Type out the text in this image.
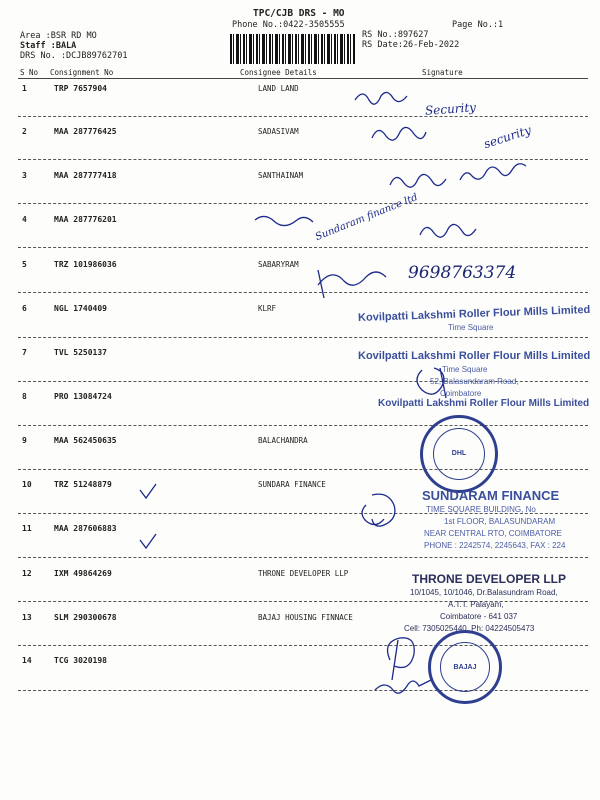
TPC/CJB DRS - MO
Phone No.:0422-3505555	Page No.:1
Area :BSR RD MO
Staff :BALA
DRS No. :DCJB89762701
RS No.:897627
RS Date:26-Feb-2022
S No Consignment No	Consignee Details	Signature
1	TRP 7657904	LAND LAND
2	MAA 287776425	SADASIVAM
3	MAA 287777418	SANTHAINAM
4	MAA 287776201
5	TRZ 101986036	SABARYRAM
6	NGL 1740409	KLRF
7	TVL 5250137
8	PRO 13084724
9	MAA 562450635	BALACHANDRA
10	TRZ 51248879	SUNDARA FINANCE
11	MAA 287606883
12	IXM 49864269	THRONE DEVELOPER LLP
13	SLM 290300678	BAJAJ HOUSING FINNACE
14	TCG 3020198
Security
security
Sundaram finance ltd
9698763374
Kovilpatti Lakshmi Roller Flour Mills Limited
Time Square
Kovilpatti Lakshmi Roller Flour Mills Limited
Time Square
52, Balasundaram Road,
Coimbatore
Kovilpatti Lakshmi Roller Flour Mills Limited
DHL
SUNDARAM FINANCE
TIME SQUARE BUILDING, No
1st FLOOR, BALASUNDARAM
NEAR CENTRAL RTO, COIMBATORE
PHONE : 2242574, 2245643, FAX : 224
THRONE DEVELOPER LLP
10/1045, 10/1046, Dr.Balasundram Road,
A.T.T. Palayam,
Coimbatore - 641 037
Cell: 7305025440, Ph: 04224505473
BAJAJ
